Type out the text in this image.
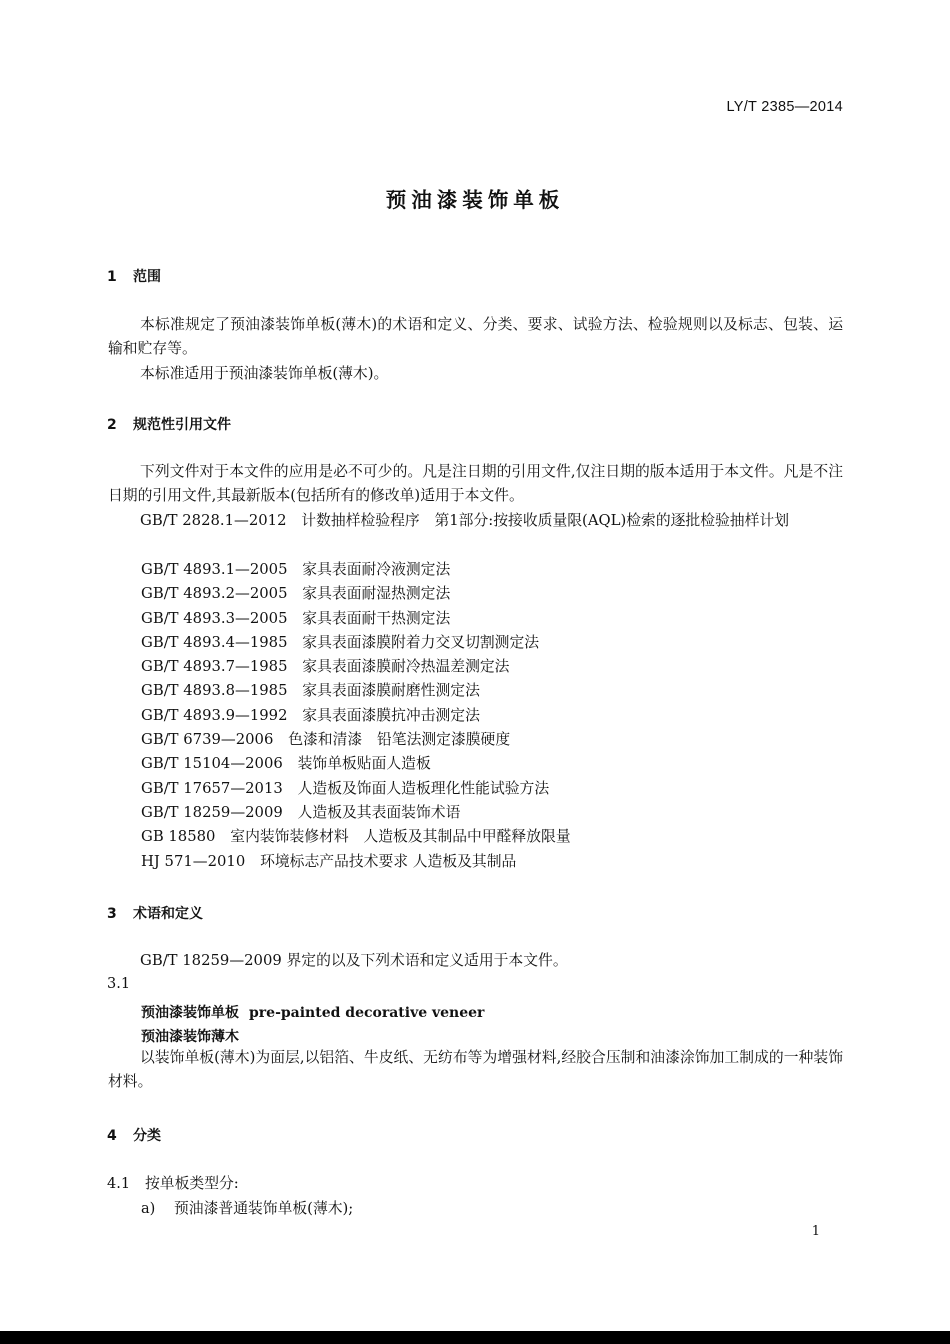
LY/T 2385—2014
预油漆装饰单板
1 范围
本标准规定了预油漆装饰单板(薄木)的术语和定义、分类、要求、试验方法、检验规则以及标志、包装、运输和贮存等。
本标准适用于预油漆装饰单板(薄木)。
2 规范性引用文件
下列文件对于本文件的应用是必不可少的。凡是注日期的引用文件,仅注日期的版本适用于本文件。凡是不注日期的引用文件,其最新版本(包括所有的修改单)适用于本文件。
GB/T 2828.1—2012　 计数抽样检验程序　第1部分:按接收质量限(AQL)检索的逐批检验抽样计划
GB/T 4893.1—2005　 家具表面耐冷液测定法
GB/T 4893.2—2005　 家具表面耐湿热测定法
GB/T 4893.3—2005　 家具表面耐干热测定法
GB/T 4893.4—1985　 家具表面漆膜附着力交叉切割测定法
GB/T 4893.7—1985　 家具表面漆膜耐冷热温差测定法
GB/T 4893.8—1985　 家具表面漆膜耐磨性测定法
GB/T 4893.9—1992　 家具表面漆膜抗冲击测定法
GB/T 6739—2006　 色漆和清漆　铅笔法测定漆膜硬度
GB/T 15104—2006　 装饰单板贴面人造板
GB/T 17657—2013　 人造板及饰面人造板理化性能试验方法
GB/T 18259—2009　 人造板及其表面装饰术语
GB 18580　 室内装饰装修材料　人造板及其制品中甲醛释放限量
HJ 571—2010　 环境标志产品技术要求 人造板及其制品
3 术语和定义
GB/T 18259—2009 界定的以及下列术语和定义适用于本文件。
3.1
预油漆装饰单板 pre-painted decorative veneer
预油漆装饰薄木
以装饰单板(薄木)为面层,以铝箔、牛皮纸、无纺布等为增强材料,经胶合压制和油漆涂饰加工制成的一种装饰材料。
4 分类
4.1 按单板类型分:
a) 预油漆普通装饰单板(薄木);
1
